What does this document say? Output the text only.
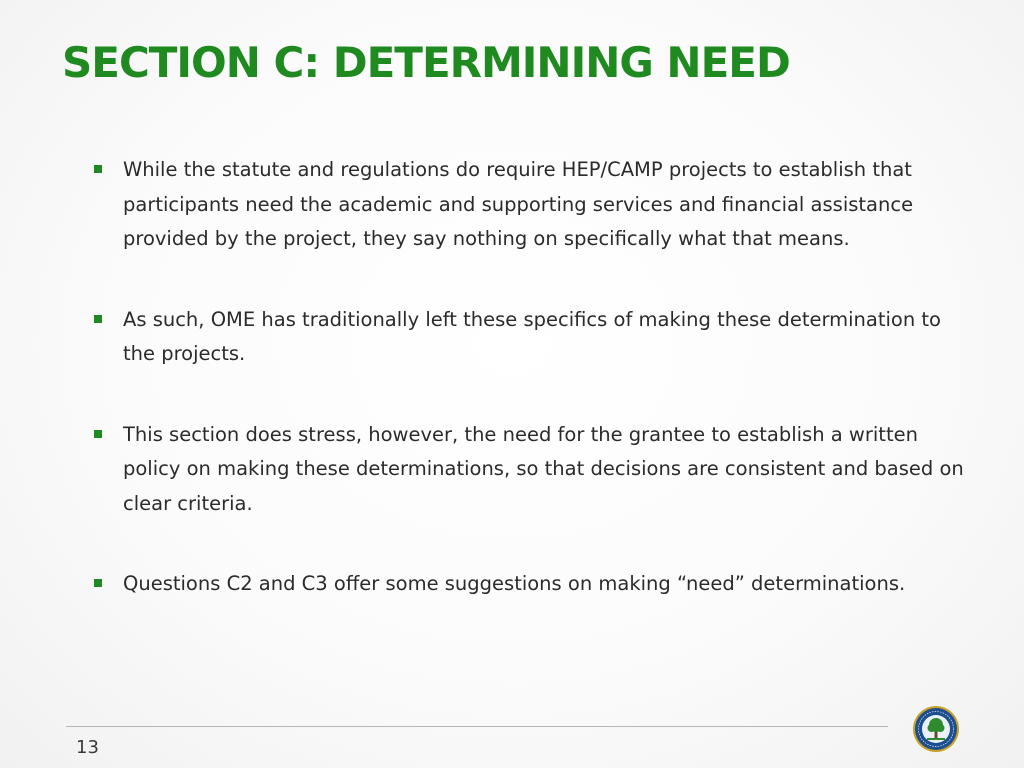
SECTION C: DETERMINING NEED
While the statute and regulations do require HEP/CAMP projects to establish that participants need the academic and supporting services and financial assistance provided by the project, they say nothing on specifically what that means.
As such, OME has traditionally left these specifics of making these determination to the projects.
This section does stress, however, the need for the grantee to establish a written policy on making these determinations, so that decisions are consistent and based on clear criteria.
Questions C2 and C3 offer some suggestions on making “need” determinations.
13
